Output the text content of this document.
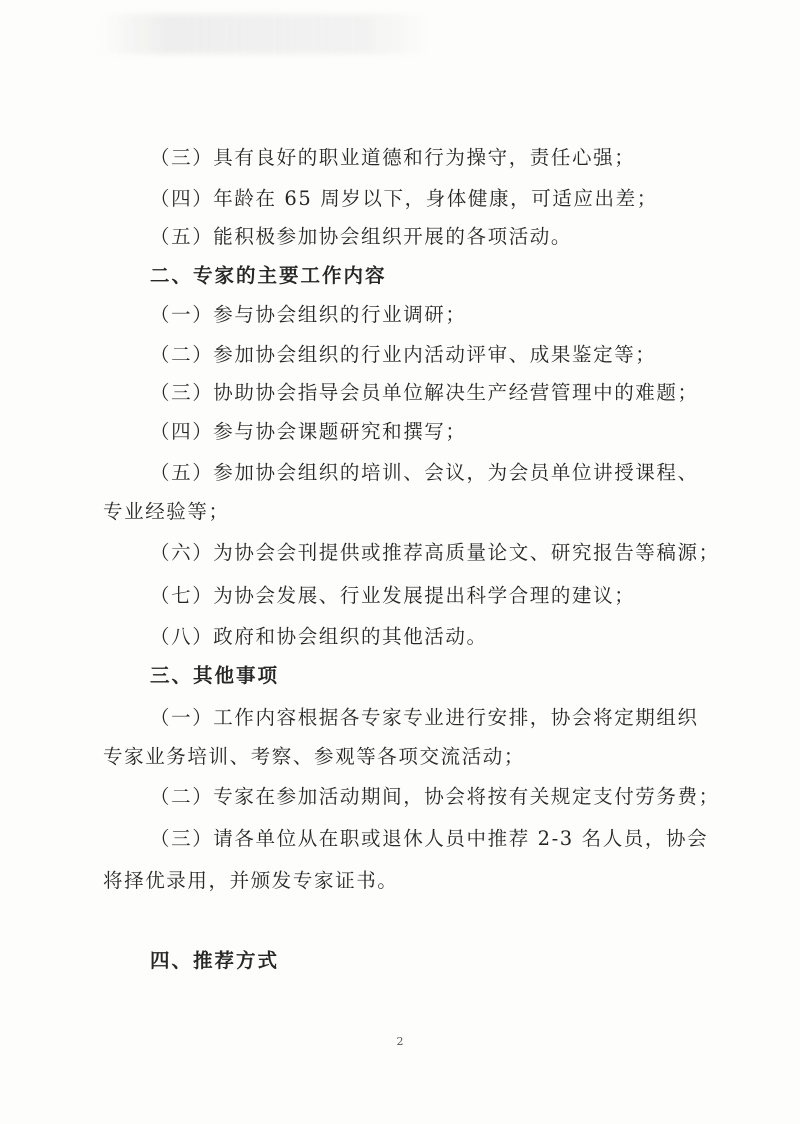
（三）具有良好的职业道德和行为操守，责任心强；
（四）年龄在 65 周岁以下，身体健康，可适应出差；
（五）能积极参加协会组织开展的各项活动。
二、专家的主要工作内容
（一）参与协会组织的行业调研；
（二）参加协会组织的行业内活动评审、成果鉴定等；
（三）协助协会指导会员单位解决生产经营管理中的难题；
（四）参与协会课题研究和撰写；
（五）参加协会组织的培训、会议，为会员单位讲授课程、
专业经验等；
（六）为协会会刊提供或推荐高质量论文、研究报告等稿源；
（七）为协会发展、行业发展提出科学合理的建议；
（八）政府和协会组织的其他活动。
三、其他事项
（一）工作内容根据各专家专业进行安排，协会将定期组织
专家业务培训、考察、参观等各项交流活动；
（二）专家在参加活动期间，协会将按有关规定支付劳务费；
（三）请各单位从在职或退休人员中推荐 2-3 名人员，协会
将择优录用，并颁发专家证书。
四、推荐方式
2
